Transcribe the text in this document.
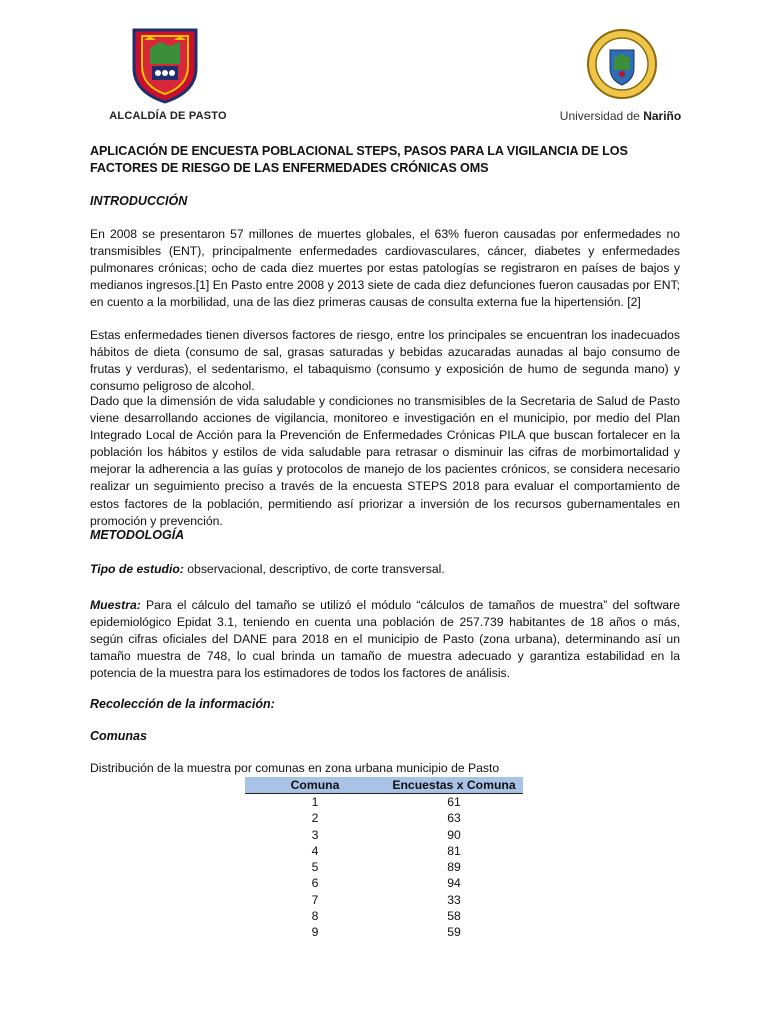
ALCALDÍA DE PASTO	Universidad de Nariño
APLICACIÓN DE ENCUESTA POBLACIONAL STEPS, PASOS PARA LA VIGILANCIA DE LOS FACTORES DE RIESGO DE LAS ENFERMEDADES CRÓNICAS OMS
INTRODUCCIÓN
En 2008 se presentaron 57 millones de muertes globales, el 63% fueron causadas por enfermedades no transmisibles (ENT), principalmente enfermedades cardiovasculares, cáncer, diabetes y enfermedades pulmonares crónicas; ocho de cada diez muertes por estas patologías se registraron en países de bajos y medianos ingresos.[1] En Pasto entre 2008 y 2013 siete de cada diez defunciones fueron causadas por ENT; en cuento a la morbilidad, una de las diez primeras causas de consulta externa fue la hipertensión. [2]
Estas enfermedades tienen diversos factores de riesgo, entre los principales se encuentran los inadecuados hábitos de dieta (consumo de sal, grasas saturadas y bebidas azucaradas aunadas al bajo consumo de frutas y verduras), el sedentarismo, el tabaquismo (consumo y exposición de humo de segunda mano) y consumo peligroso de alcohol.
Dado que la dimensión de vida saludable y condiciones no transmisibles de la Secretaria de Salud de Pasto viene desarrollando acciones de vigilancia, monitoreo e investigación en el municipio, por medio del Plan Integrado Local de Acción para la Prevención de Enfermedades Crónicas PILA que buscan fortalecer en la población los hábitos y estilos de vida saludable para retrasar o disminuir las cifras de morbimortalidad y mejorar la adherencia a las guías y protocolos de manejo de los pacientes crónicos, se considera necesario realizar un seguimiento preciso a través de la encuesta STEPS 2018 para evaluar el comportamiento de estos factores de la población, permitiendo así priorizar a inversión de los recursos gubernamentales en promoción y prevención.
METODOLOGÍA
Tipo de estudio: observacional, descriptivo, de corte transversal.
Muestra: Para el cálculo del tamaño se utilizó el módulo “cálculos de tamaños de muestra” del software epidemiológico Epidat 3.1, teniendo en cuenta una población de 257.739 habitantes de 18 años o más, según cifras oficiales del DANE para 2018 en el municipio de Pasto (zona urbana), determinando así un tamaño muestra de 748, lo cual brinda un tamaño de muestra adecuado y garantiza estabilidad en la potencia de la muestra para los estimadores de todos los factores de análisis.
Recolección de la información:
Comunas
Distribución de la muestra por comunas en zona urbana municipio de Pasto
Comuna	Encuestas x Comuna
1	61
2	63
3	90
4	81
5	89
6	94
7	33
8	58
9	59
